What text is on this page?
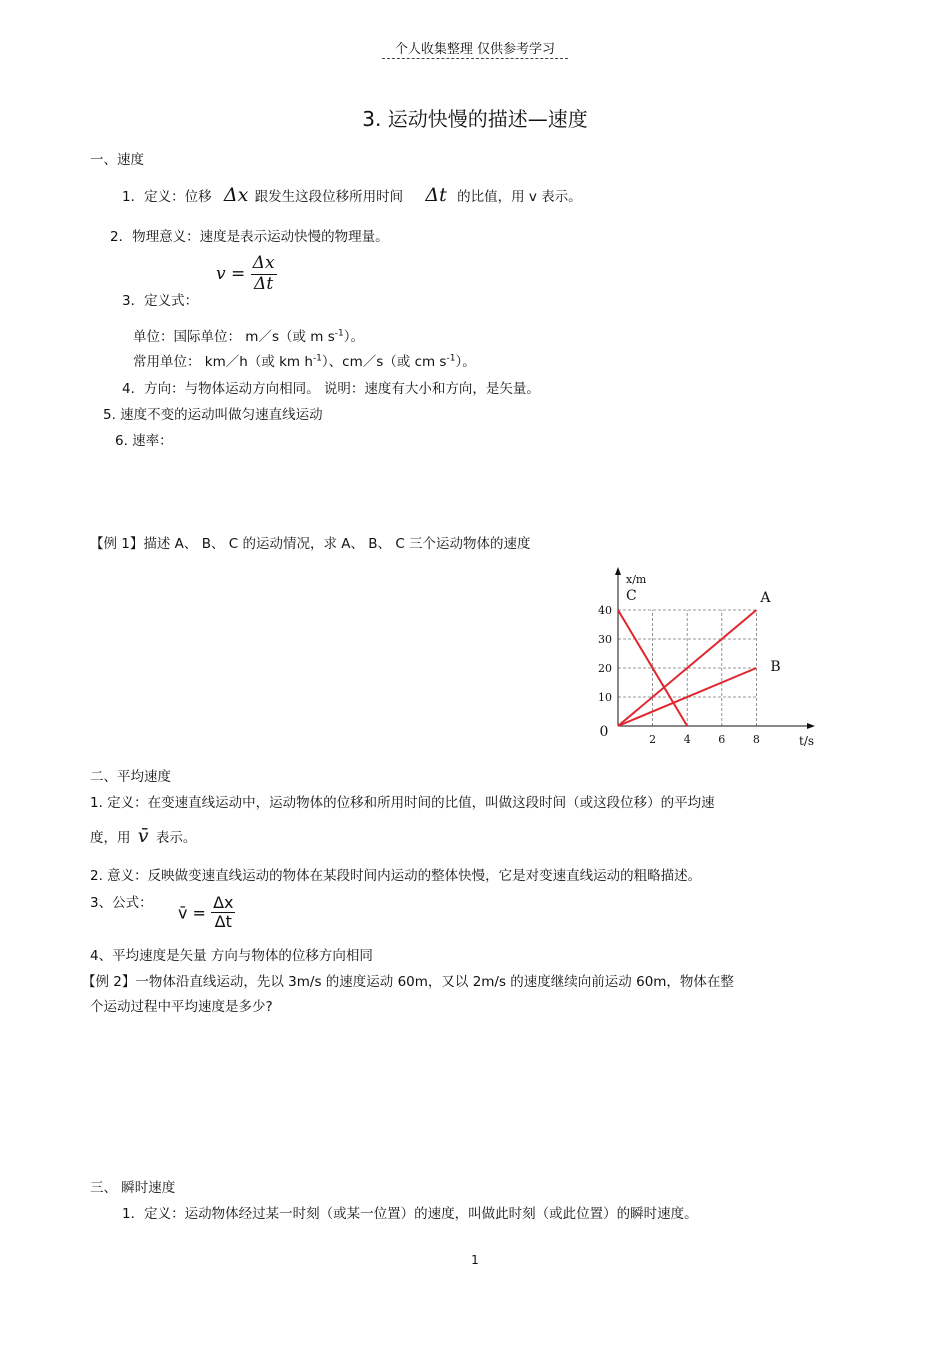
个人收集整理 仅供参考学习
3. 运动快慢的描述—速度
一、速度
1．定义：位移 Δx 跟发生这段位移所用时间 Δt 的比值，用 v 表示。
2．物理意义：速度是表示运动快慢的物理量。
3．定义式：
$v = \frac{\Delta x}{\Delta t}$
单位：国际单位： m／s（或 m $s^{-1}$）。
常用单位： km／h（或 km $h^{-1}$）、cm／s（或 cm $s^{-1}$）。
4．方向：与物体运动方向相同。 说明：速度有大小和方向，是矢量。
5. 速度不变的运动叫做匀速直线运动
6. 速率：
【例 1】描述 A、 B、 C 的运动情况，求 A、 B、 C 三个运动物体的速度
2	4	6	8
10
20
30
40
0
t/s
x/m
A
B
C
二、平均速度
1. 定义：在变速直线运动中，运动物体的位移和所用时间的比值，叫做这段时间（或这段位移）的平均速
度，用 v̄ 表示。
2. 意义：反映做变速直线运动的物体在某段时间内运动的整体快慢，它是对变速直线运动的粗略描述。
3、公式：
v̄ = $\frac{\Delta x}{\Delta t}$
4、平均速度是矢量 方向与物体的位移方向相同
【例 2】一物体沿直线运动，先以 3m/s 的速度运动 60m，又以 2m/s 的速度继续向前运动 60m，物体在整
个运动过程中平均速度是多少?
三、 瞬时速度
1．定义：运动物体经过某一时刻（或某一位置）的速度，叫做此时刻（或此位置）的瞬时速度。
1
